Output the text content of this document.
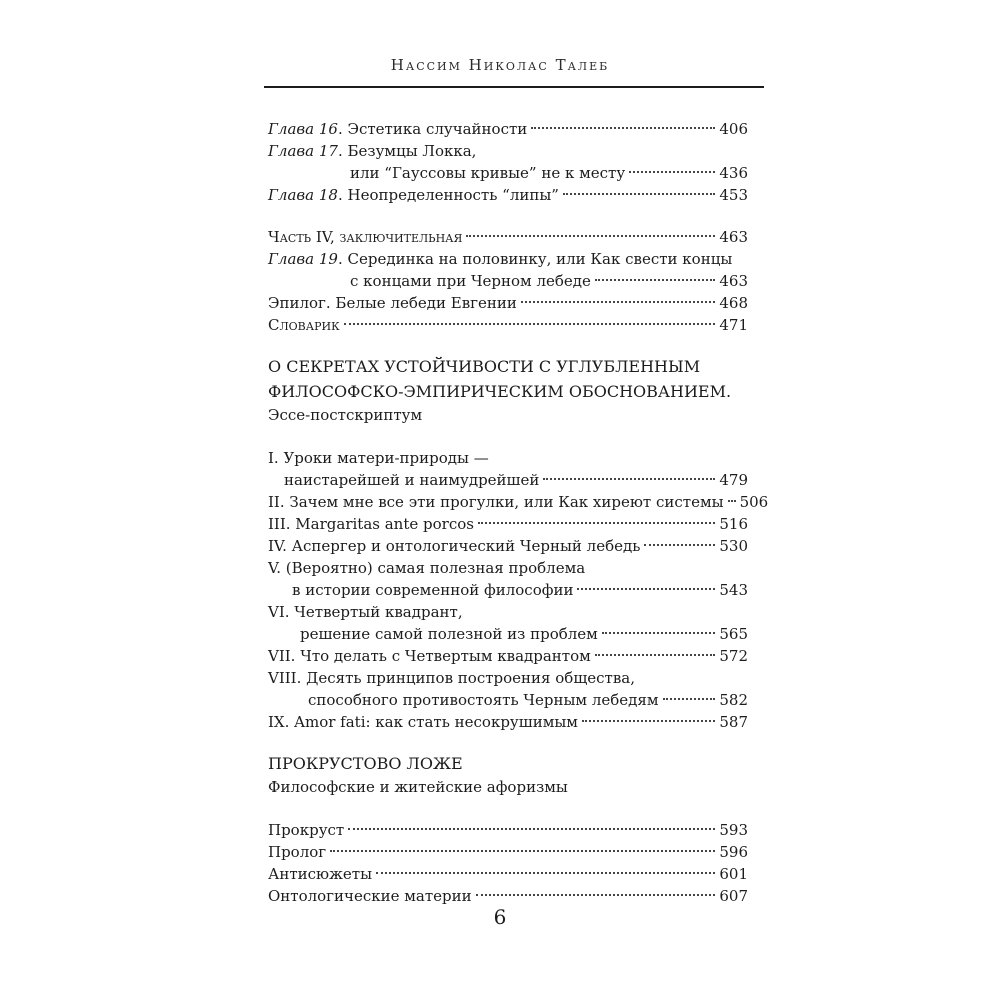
Нассим Николас Талеб
Глава 16 . Эстетика случайности	406
Глава 17 . Безумцы Локка,
или “Гауссовы кривые” не к месту	436
Глава 18 . Неопределенность “липы”	453
Часть IV, заключительная	463
Глава 19 . Серединка на половинку, или Как свести концы
с концами при Черном лебеде	463
Эпилог. Белые лебеди Евгении	468
Словарик	471
О СЕКРЕТАХ УСТОЙЧИВОСТИ С УГЛУБЛЕННЫМ
ФИЛОСОФСКО-ЭМПИРИЧЕСКИМ ОБОСНОВАНИЕМ.
Эссе-постскриптум
I. Уроки матери-природы —
наистарейшей и наимудрейшей	479
II. Зачем мне все эти прогулки, или Как хиреют системы 506
III. Margaritas ante porcos	516
IV. Аспергер и онтологический Черный лебедь	530
V. (Вероятно) самая полезная проблема
в истории современной философии	543
VI. Четвертый квадрант,
решение самой полезной из проблем	565
VII. Что делать с Четвертым квадрантом	572
VIII. Десять принципов построения общества,
способного противостоять Черным лебедям	582
IX. Amor fati: как стать несокрушимым	587
ПРОКРУСТОВО ЛОЖЕ
Философские и житейские афоризмы
Прокруст	593
Пролог	596
Антисюжеты	601
Онтологические материи	607
6
